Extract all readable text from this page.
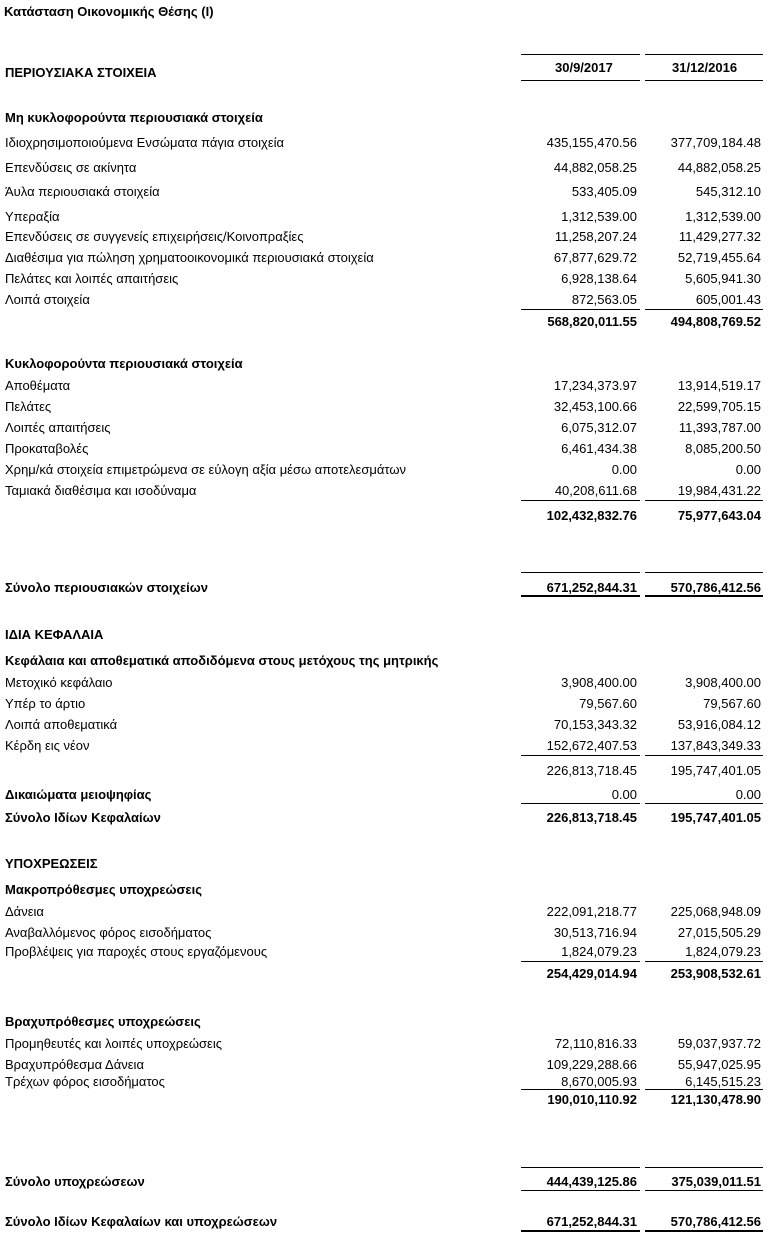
Κατάσταση Οικονομικής Θέσης (Ι)
30/9/2017	31/12/2016
ΠΕΡΙΟΥΣΙΑΚΑ ΣΤΟΙΧΕΙΑ
Μη κυκλοφορούντα περιουσιακά στοιχεία
Ιδιοχρησιμοποιούμενα Ενσώματα πάγια στοιχεία	435,155,470.56	377,709,184.48
Επενδύσεις σε ακίνητα	44,882,058.25	44,882,058.25
Άυλα περιουσιακά στοιχεία	533,405.09	545,312.10
Υπεραξία	1,312,539.00	1,312,539.00
Επενδύσεις σε συγγενείς επιχειρήσεις/Κοινοπραξίες	11,258,207.24	11,429,277.32
Διαθέσιμα για πώληση χρηματοοικονομικά περιουσιακά στοιχεία	67,877,629.72	52,719,455.64
Πελάτες και λοιπές απαιτήσεις	6,928,138.64	5,605,941.30
Λοιπά στοιχεία	872,563.05	605,001.43
568,820,011.55	494,808,769.52
Κυκλοφορούντα περιουσιακά στοιχεία
Αποθέματα	17,234,373.97	13,914,519.17
Πελάτες	32,453,100.66	22,599,705.15
Λοιπές απαιτήσεις	6,075,312.07	11,393,787.00
Προκαταβολές	6,461,434.38	8,085,200.50
Χρημ/κά στοιχεία επιμετρώμενα σε εύλογη αξία μέσω αποτελεσμάτων	0.00	0.00
Ταμιακά διαθέσιμα και ισοδύναμα	40,208,611.68	19,984,431.22
102,432,832.76	75,977,643.04
Σύνολο περιουσιακών στοιχείων	671,252,844.31	570,786,412.56
ΙΔΙΑ ΚΕΦΑΛΑΙΑ
Κεφάλαια και αποθεματικά αποδιδόμενα στους μετόχους της μητρικής
Μετοχικό κεφάλαιο	3,908,400.00	3,908,400.00
Υπέρ το άρτιο	79,567.60	79,567.60
Λοιπά αποθεματικά	70,153,343.32	53,916,084.12
Κέρδη εις νέον	152,672,407.53	137,843,349.33
226,813,718.45	195,747,401.05
Δικαιώματα μειοψηφίας	0.00	0.00
Σύνολο Ιδίων Κεφαλαίων	226,813,718.45	195,747,401.05
ΥΠΟΧΡΕΩΣΕΙΣ
Μακροπρόθεσμες υποχρεώσεις
Δάνεια	222,091,218.77	225,068,948.09
Αναβαλλόμενος φόρος εισοδήματος	30,513,716.94	27,015,505.29
Προβλέψεις για παροχές στους εργαζόμενους	1,824,079.23	1,824,079.23
254,429,014.94	253,908,532.61
Βραχυπρόθεσμες υποχρεώσεις
Προμηθευτές και λοιπές υποχρεώσεις	72,110,816.33	59,037,937.72
Βραχυπρόθεσμα Δάνεια	109,229,288.66	55,947,025.95
Τρέχων φόρος εισοδήματος	8,670,005.93	6,145,515.23
190,010,110.92	121,130,478.90
Σύνολο υποχρεώσεων	444,439,125.86	375,039,011.51
Σύνολο Ιδίων Κεφαλαίων και υποχρεώσεων	671,252,844.31	570,786,412.56
